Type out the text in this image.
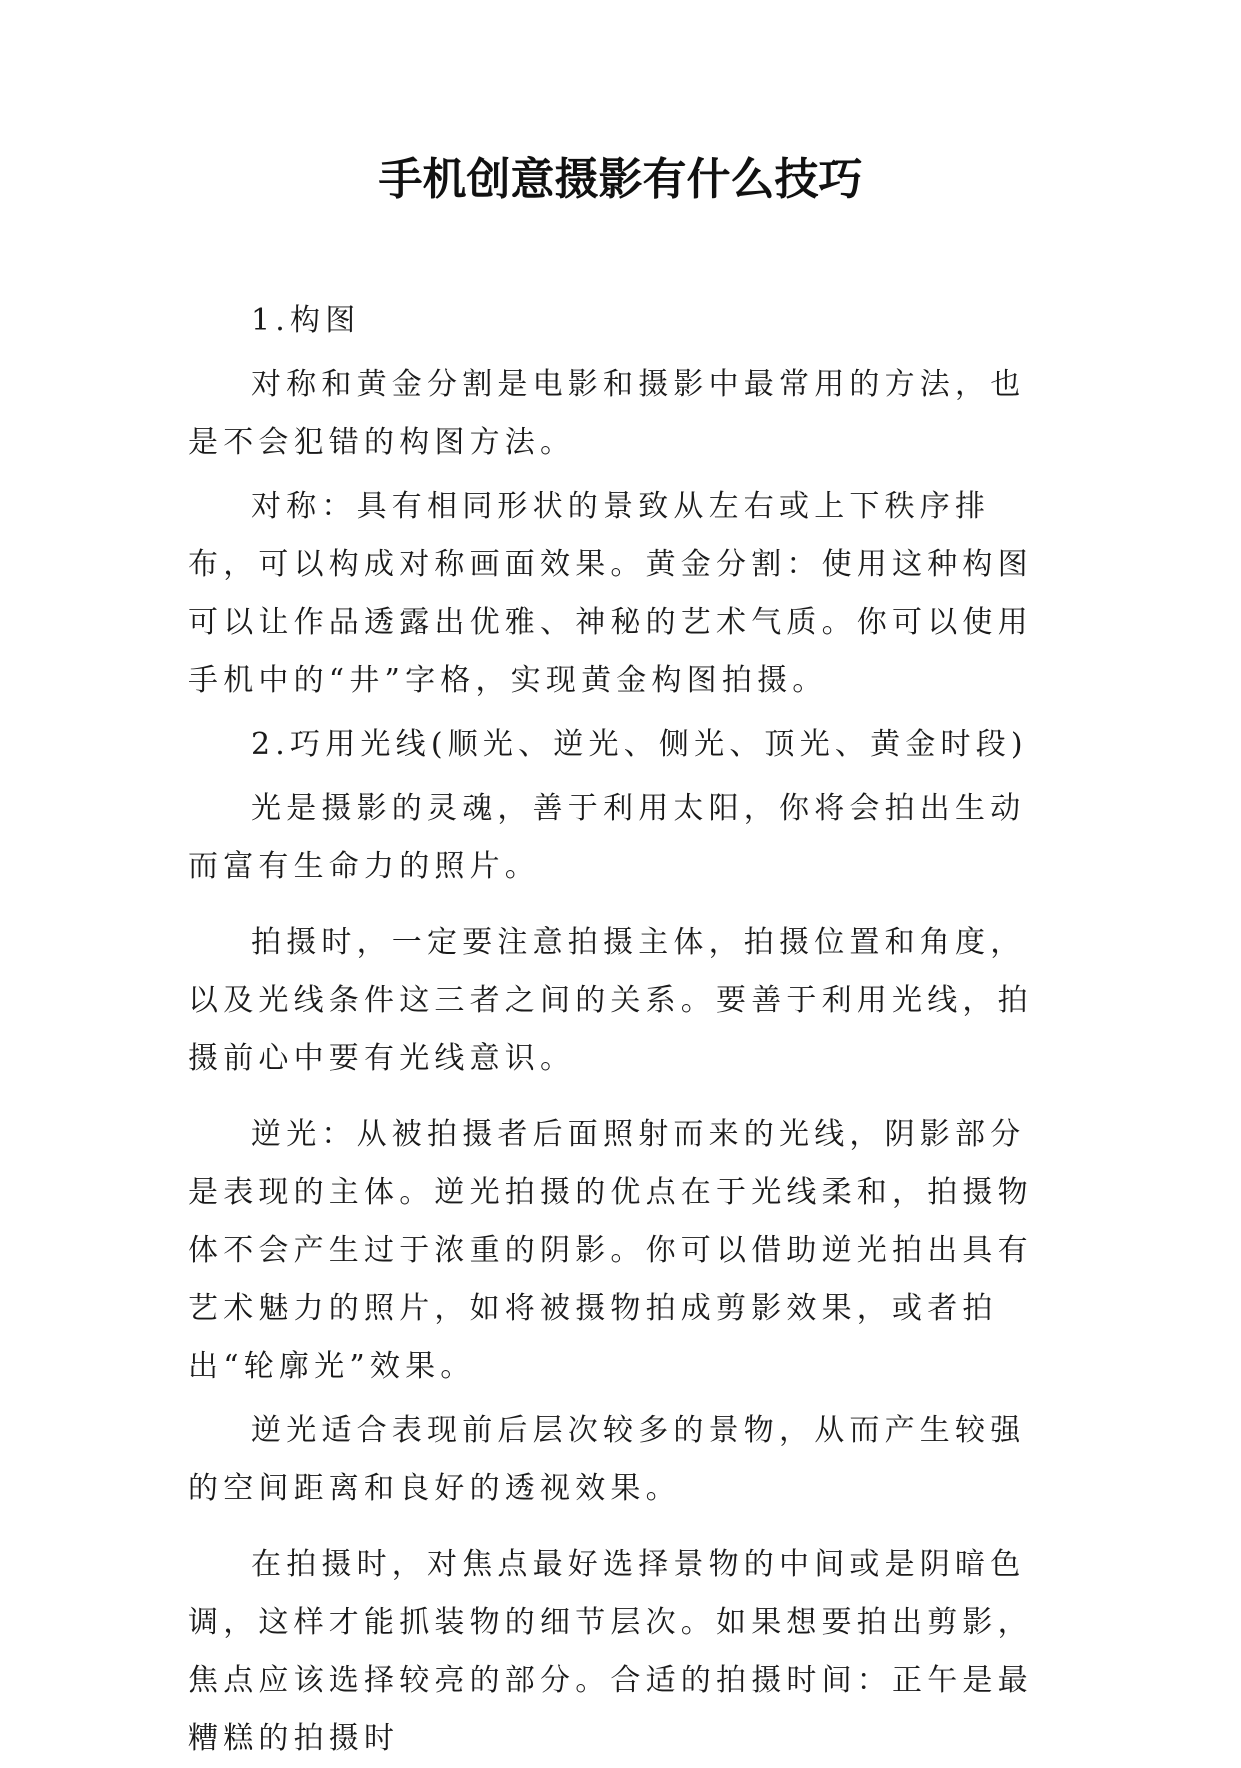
手机创意摄影有什么技巧

1.构图

对称和黄金分割是电影和摄影中最常用的方法，也是不会犯错的构图方法。

对称：具有相同形状的景致从左右或上下秩序排布，可以构成对称画面效果。黄金分割：使用这种构图可以让作品透露出优雅、神秘的艺术气质。你可以使用手机中的“井”字格，实现黄金构图拍摄。

2.巧用光线(顺光、逆光、侧光、顶光、黄金时段)

光是摄影的灵魂，善于利用太阳，你将会拍出生动而富有生命力的照片。

拍摄时，一定要注意拍摄主体，拍摄位置和角度，以及光线条件这三者之间的关系。要善于利用光线，拍摄前心中要有光线意识。

逆光：从被拍摄者后面照射而来的光线，阴影部分是表现的主体。逆光拍摄的优点在于光线柔和，拍摄物体不会产生过于浓重的阴影。你可以借助逆光拍出具有艺术魅力的照片，如将被摄物拍成剪影效果，或者拍出“轮廓光”效果。

逆光适合表现前后层次较多的景物，从而产生较强的空间距离和良好的透视效果。

在拍摄时，对焦点最好选择景物的中间或是阴暗色调，这样才能抓装物的细节层次。如果想要拍出剪影，焦点应该选择较亮的部分。合适的拍摄时间：正午是最糟糕的拍摄时
